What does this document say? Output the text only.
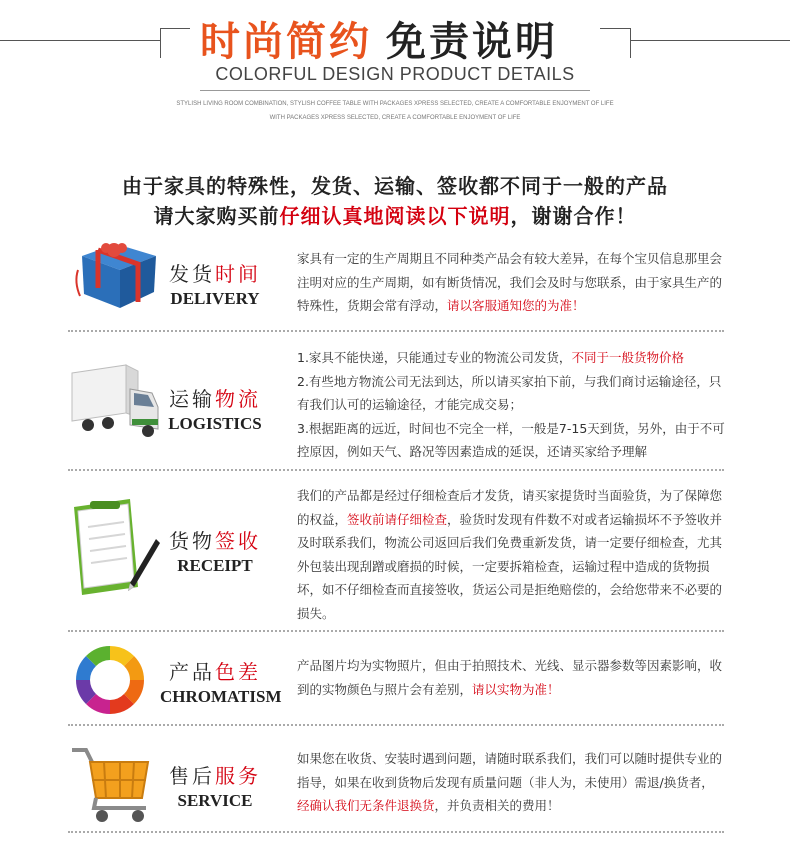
时尚简约 免责说明
COLORFUL DESIGN PRODUCT DETAILS
STYLISH LIVING ROOM COMBINATION, STYLISH COFFEE TABLE WITH PACKAGES XPRESS SELECTED, CREATE A COMFORTABLE ENJOYMENT OF LIFE
WITH PACKAGES XPRESS SELECTED, CREATE A COMFORTABLE ENJOYMENT OF LIFE
由于家具的特殊性，发货、运输、签收都不同于一般的产品
请大家购买前仔细认真地阅读以下说明，谢谢合作！
发货时间
DELIVERY
家具有一定的生产周期且不同种类产品会有较大差异，在每个宝贝信息那里会注明对应的生产周期，如有断货情况，我们会及时与您联系，由于家具生产的特殊性，货期会常有浮动，请以客服通知您的为准！
运输物流
LOGISTICS
1.家具不能快递，只能通过专业的物流公司发货，不同于一般货物价格
2.有些地方物流公司无法到达，所以请买家拍下前，与我们商讨运输途径，只有我们认可的运输途径，才能完成交易；
3.根据距离的远近，时间也不完全一样，一般是7-15天到货，另外，由于不可控原因，例如天气、路况等因素造成的延误，还请买家给予理解
货物签收
RECEIPT
我们的产品都是经过仔细检查后才发货，请买家提货时当面验货，为了保障您的权益，签收前请仔细检查，验货时发现有件数不对或者运输损坏不予签收并及时联系我们，物流公司返回后我们免费重新发货，请一定要仔细检查，尤其外包装出现刮蹭或磨损的时候，一定要拆箱检查，运输过程中造成的货物损坏，如不仔细检查而直接签收，货运公司是拒绝赔偿的，会给您带来不必要的损失。
产品色差
CHROMATISM
产品图片均为实物照片，但由于拍照技术、光线、显示器参数等因素影响，收到的实物颜色与照片会有差别，请以实物为准！
售后服务
SERVICE
如果您在收货、安装时遇到问题，请随时联系我们，我们可以随时提供专业的指导，如果在收到货物后发现有质量问题（非人为，未使用）需退/换货者，经确认我们无条件退换货，并负责相关的费用！
